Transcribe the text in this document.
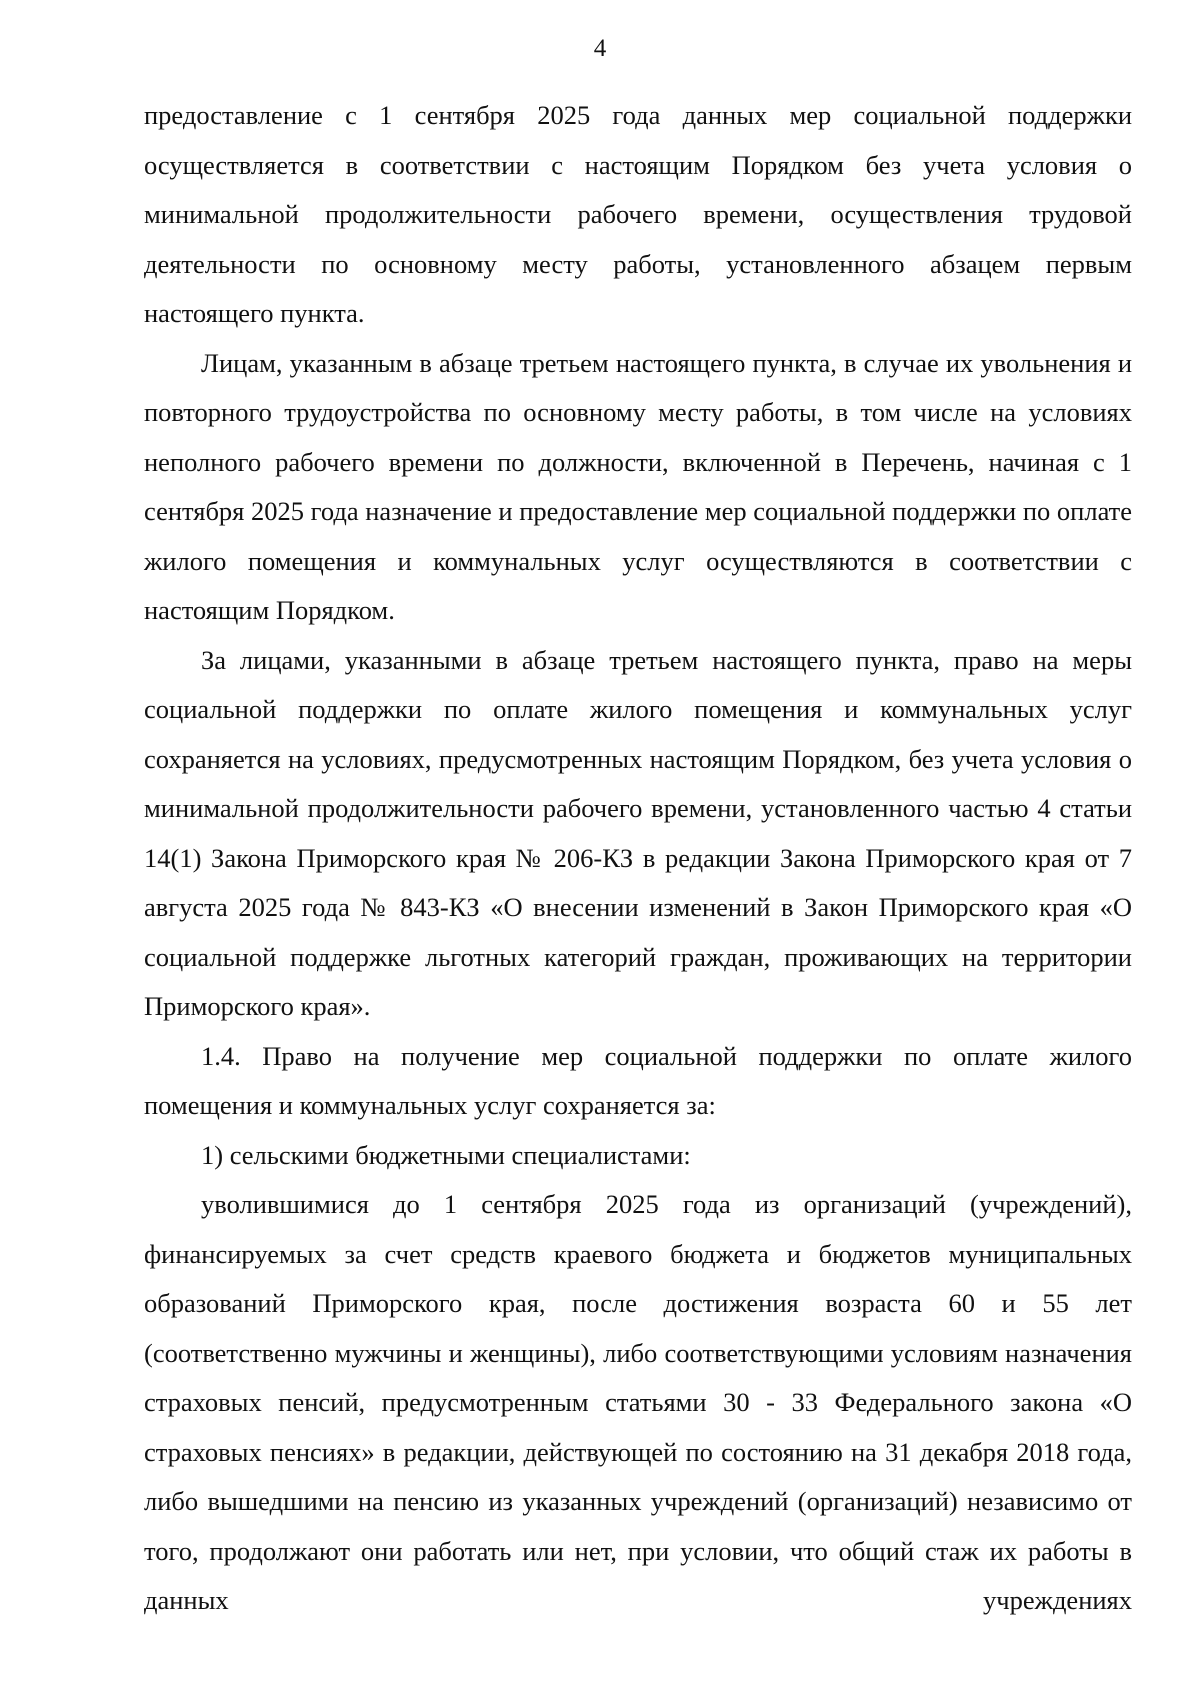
4

предоставление с 1 сентября 2025 года данных мер социальной поддержки осуществляется в соответствии с настоящим Порядком без учета условия о минимальной продолжительности рабочего времени, осуществления трудовой деятельности по основному месту работы, установленного абзацем первым настоящего пункта.

Лицам, указанным в абзаце третьем настоящего пункта, в случае их увольнения и повторного трудоустройства по основному месту работы, в том числе на условиях неполного рабочего времени по должности, включенной в Перечень, начиная с 1 сентября 2025 года назначение и предоставление мер социальной поддержки по оплате жилого помещения и коммунальных услуг осуществляются в соответствии с настоящим Порядком.

За лицами, указанными в абзаце третьем настоящего пункта, право на меры социальной поддержки по оплате жилого помещения и коммунальных услуг сохраняется на условиях, предусмотренных настоящим Порядком, без учета условия о минимальной продолжительности рабочего времени, установленного частью 4 статьи 14(1) Закона Приморского края № 206-КЗ в редакции Закона Приморского края от 7 августа 2025 года № 843-КЗ «О внесении изменений в Закон Приморского края «О социальной поддержке льготных категорий граждан, проживающих на территории Приморского края».

1.4. Право на получение мер социальной поддержки по оплате жилого помещения и коммунальных услуг сохраняется за:

1) сельскими бюджетными специалистами:

уволившимися до 1 сентября 2025 года из организаций (учреждений), финансируемых за счет средств краевого бюджета и бюджетов муниципальных образований Приморского края, после достижения возраста 60 и 55 лет (соответственно мужчины и женщины), либо соответствующими условиям назначения страховых пенсий, предусмотренным статьями 30 - 33 Федерального закона «О страховых пенсиях» в редакции, действующей по состоянию на 31 декабря 2018 года, либо вышедшими на пенсию из указанных учреждений (организаций) независимо от того, продолжают они работать или нет, при условии, что общий стаж их работы в данных учреждениях
